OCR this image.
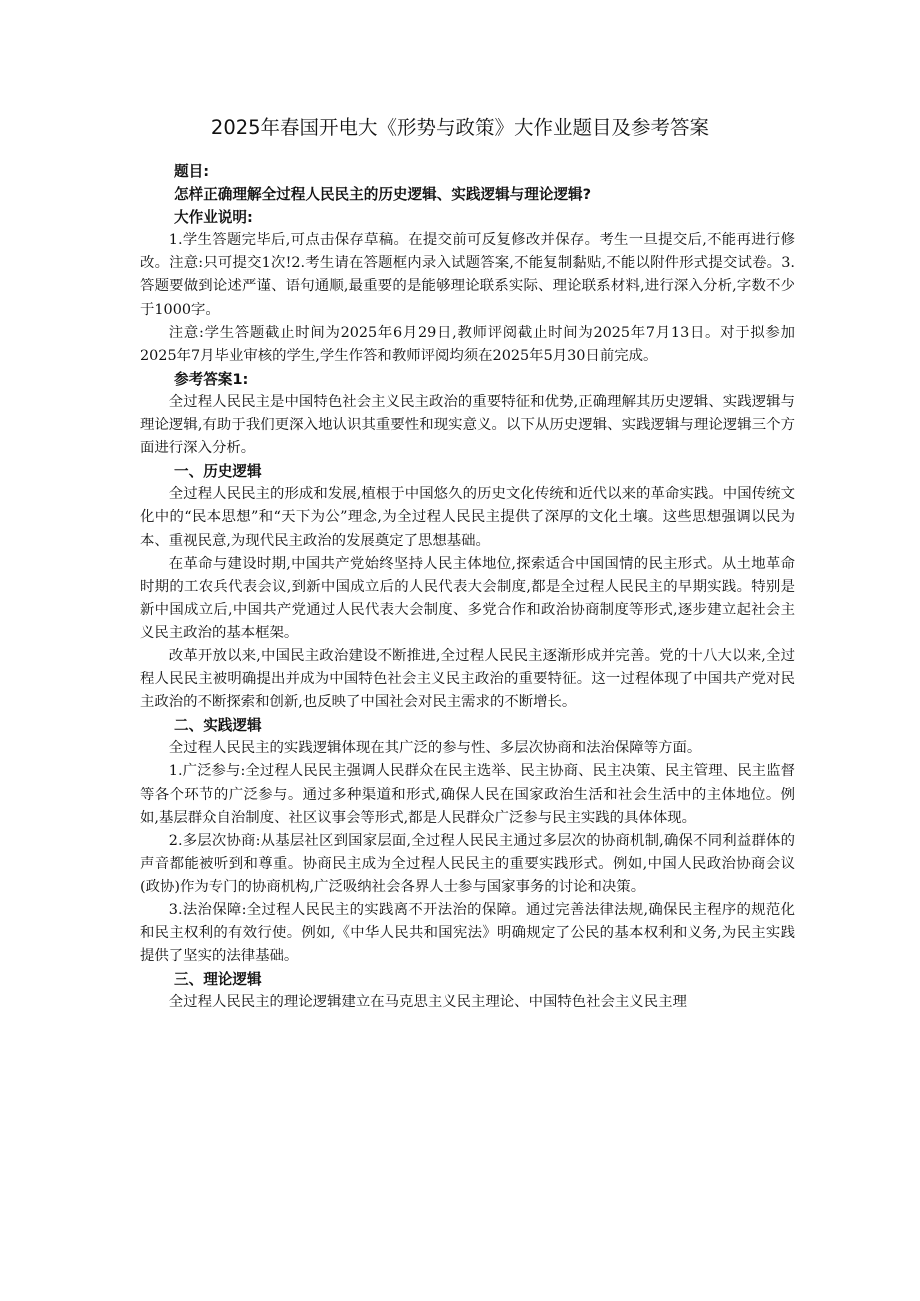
2025年春国开电大《形势与政策》大作业题目及参考答案

题目:

怎样正确理解全过程人民民主的历史逻辑、实践逻辑与理论逻辑?

大作业说明:

1.学生答题完毕后,可点击保存草稿。在提交前可反复修改并保存。考生一旦提交后,不能再进行修改。注意:只可提交1次!2.考生请在答题框内录入试题答案,不能复制黏贴,不能以附件形式提交试卷。3.答题要做到论述严谨、语句通顺,最重要的是能够理论联系实际、理论联系材料,进行深入分析,字数不少于1000字。

注意:学生答题截止时间为2025年6月29日,教师评阅截止时间为2025年7月13日。对于拟参加2025年7月毕业审核的学生,学生作答和教师评阅均须在2025年5月30日前完成。

参考答案1:

全过程人民民主是中国特色社会主义民主政治的重要特征和优势,正确理解其历史逻辑、实践逻辑与理论逻辑,有助于我们更深入地认识其重要性和现实意义。以下从历史逻辑、实践逻辑与理论逻辑三个方面进行深入分析。

一、历史逻辑

全过程人民民主的形成和发展,植根于中国悠久的历史文化传统和近代以来的革命实践。中国传统文化中的“民本思想”和“天下为公”理念,为全过程人民民主提供了深厚的文化土壤。这些思想强调以民为本、重视民意,为现代民主政治的发展奠定了思想基础。

在革命与建设时期,中国共产党始终坚持人民主体地位,探索适合中国国情的民主形式。从土地革命时期的工农兵代表会议,到新中国成立后的人民代表大会制度,都是全过程人民民主的早期实践。特别是新中国成立后,中国共产党通过人民代表大会制度、多党合作和政治协商制度等形式,逐步建立起社会主义民主政治的基本框架。

改革开放以来,中国民主政治建设不断推进,全过程人民民主逐渐形成并完善。党的十八大以来,全过程人民民主被明确提出并成为中国特色社会主义民主政治的重要特征。这一过程体现了中国共产党对民主政治的不断探索和创新,也反映了中国社会对民主需求的不断增长。

二、实践逻辑

全过程人民民主的实践逻辑体现在其广泛的参与性、多层次协商和法治保障等方面。

1.广泛参与:全过程人民民主强调人民群众在民主选举、民主协商、民主决策、民主管理、民主监督等各个环节的广泛参与。通过多种渠道和形式,确保人民在国家政治生活和社会生活中的主体地位。例如,基层群众自治制度、社区议事会等形式,都是人民群众广泛参与民主实践的具体体现。

2.多层次协商:从基层社区到国家层面,全过程人民民主通过多层次的协商机制,确保不同利益群体的声音都能被听到和尊重。协商民主成为全过程人民民主的重要实践形式。例如,中国人民政治协商会议(政协)作为专门的协商机构,广泛吸纳社会各界人士参与国家事务的讨论和决策。

3.法治保障:全过程人民民主的实践离不开法治的保障。通过完善法律法规,确保民主程序的规范化和民主权利的有效行使。例如,《中华人民共和国宪法》明确规定了公民的基本权利和义务,为民主实践提供了坚实的法律基础。

三、理论逻辑

全过程人民民主的理论逻辑建立在马克思主义民主理论、中国特色社会主义民主理
